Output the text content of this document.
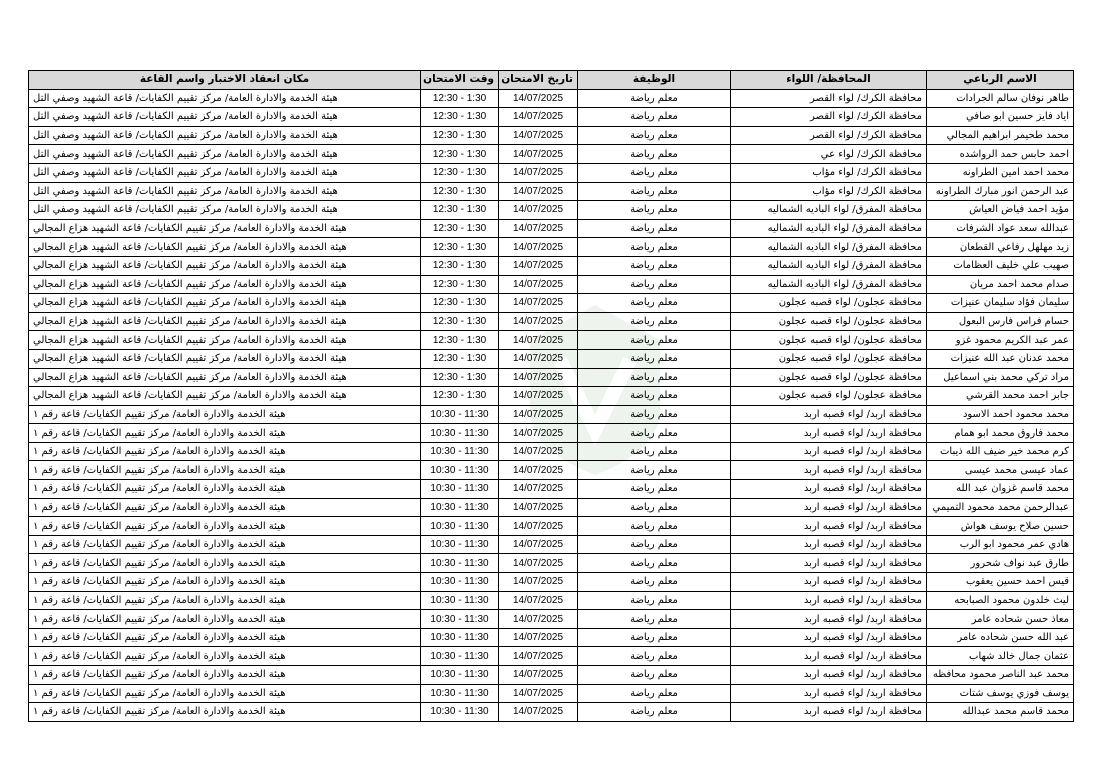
الاسم الرباعي	المحافظة/ اللواء	الوظيفة	تاريخ الامتحان	وقت الامتحان	مكان انعقاد الاختبار واسم القاعة
طاهر نوفان سالم الجرادات	محافظة الكرك/ لواء القصر	معلم رياضة	14/07/2025	12:30 - 1:30	هيئة الخدمة والادارة العامة/ مركز تقييم الكفايات/ قاعة الشهيد وصفي التل
اياد فايز حسين ابو صافي	محافظة الكرك/ لواء القصر	معلم رياضة	14/07/2025	12:30 - 1:30	هيئة الخدمة والادارة العامة/ مركز تقييم الكفايات/ قاعة الشهيد وصفي التل
محمد طحيمر ابراهيم المجالي	محافظة الكرك/ لواء القصر	معلم رياضة	14/07/2025	12:30 - 1:30	هيئة الخدمة والادارة العامة/ مركز تقييم الكفايات/ قاعة الشهيد وصفي التل
احمد حابس حمد الرواشده	محافظة الكرك/ لواء عي	معلم رياضة	14/07/2025	12:30 - 1:30	هيئة الخدمة والادارة العامة/ مركز تقييم الكفايات/ قاعة الشهيد وصفي التل
محمد احمد امين الطراونه	محافظة الكرك/ لواء مؤاب	معلم رياضة	14/07/2025	12:30 - 1:30	هيئة الخدمة والادارة العامة/ مركز تقييم الكفايات/ قاعة الشهيد وصفي التل
عبد الرحمن انور مبارك الطراونه	محافظة الكرك/ لواء مؤاب	معلم رياضة	14/07/2025	12:30 - 1:30	هيئة الخدمة والادارة العامة/ مركز تقييم الكفايات/ قاعة الشهيد وصفي التل
مؤيد احمد فياض العياش	محافظة المفرق/ لواء الباديه الشماليه	معلم رياضة	14/07/2025	12:30 - 1:30	هيئة الخدمة والادارة العامة/ مركز تقييم الكفايات/ قاعة الشهيد وصفي التل
عبدالله سعد عواد الشرفات	محافظة المفرق/ لواء الباديه الشماليه	معلم رياضة	14/07/2025	12:30 - 1:30	هيئة الخدمة والادارة العامة/ مركز تقييم الكفايات/ قاعة الشهيد هزاع المجالي
زيد مهلهل رفاعي القطعان	محافظة المفرق/ لواء الباديه الشماليه	معلم رياضة	14/07/2025	12:30 - 1:30	هيئة الخدمة والادارة العامة/ مركز تقييم الكفايات/ قاعة الشهيد هزاع المجالي
صهيب علي خليف العظامات	محافظة المفرق/ لواء الباديه الشماليه	معلم رياضة	14/07/2025	12:30 - 1:30	هيئة الخدمة والادارة العامة/ مركز تقييم الكفايات/ قاعة الشهيد هزاع المجالي
صدام محمد احمد مريان	محافظة المفرق/ لواء الباديه الشماليه	معلم رياضة	14/07/2025	12:30 - 1:30	هيئة الخدمة والادارة العامة/ مركز تقييم الكفايات/ قاعة الشهيد هزاع المجالي
سليمان فؤاد سليمان عنيزات	محافظة عجلون/ لواء قصبه عجلون	معلم رياضة	14/07/2025	12:30 - 1:30	هيئة الخدمة والادارة العامة/ مركز تقييم الكفايات/ قاعة الشهيد هزاع المجالي
حسام فراس فارس البعول	محافظة عجلون/ لواء قصبه عجلون	معلم رياضة	14/07/2025	12:30 - 1:30	هيئة الخدمة والادارة العامة/ مركز تقييم الكفايات/ قاعة الشهيد هزاع المجالي
عمر عبد الكريم محمود غزو	محافظة عجلون/ لواء قصبه عجلون	معلم رياضة	14/07/2025	12:30 - 1:30	هيئة الخدمة والادارة العامة/ مركز تقييم الكفايات/ قاعة الشهيد هزاع المجالي
محمد عدنان عبد الله عنيزات	محافظة عجلون/ لواء قصبه عجلون	معلم رياضة	14/07/2025	12:30 - 1:30	هيئة الخدمة والادارة العامة/ مركز تقييم الكفايات/ قاعة الشهيد هزاع المجالي
مراد تركي محمد بني اسماعيل	محافظة عجلون/ لواء قصبه عجلون	معلم رياضة	14/07/2025	12:30 - 1:30	هيئة الخدمة والادارة العامة/ مركز تقييم الكفايات/ قاعة الشهيد هزاع المجالي
جابر احمد محمد القرشي	محافظة عجلون/ لواء قصبه عجلون	معلم رياضة	14/07/2025	12:30 - 1:30	هيئة الخدمة والادارة العامة/ مركز تقييم الكفايات/ قاعة الشهيد هزاع المجالي
محمد محمود احمد الاسود	محافظة اربد/ لواء قصبه اربد	معلم رياضة	14/07/2025	10:30 - 11:30	هيئة الخدمة والادارة العامة/ مركز تقييم الكفايات/ قاعة رقم ١
محمد فاروق محمد ابو همام	محافظة اربد/ لواء قصبه اربد	معلم رياضة	14/07/2025	10:30 - 11:30	هيئة الخدمة والادارة العامة/ مركز تقييم الكفايات/ قاعة رقم ١
كرم محمد خير ضيف الله ذيبات	محافظة اربد/ لواء قصبه اربد	معلم رياضة	14/07/2025	10:30 - 11:30	هيئة الخدمة والادارة العامة/ مركز تقييم الكفايات/ قاعة رقم ١
عماد عيسى محمد عيسى	محافظة اربد/ لواء قصبه اربد	معلم رياضة	14/07/2025	10:30 - 11:30	هيئة الخدمة والادارة العامة/ مركز تقييم الكفايات/ قاعة رقم ١
محمد قاسم غزوان عبد الله	محافظة اربد/ لواء قصبه اربد	معلم رياضة	14/07/2025	10:30 - 11:30	هيئة الخدمة والادارة العامة/ مركز تقييم الكفايات/ قاعة رقم ١
عبدالرحمن محمد محمود التميمي	محافظة اربد/ لواء قصبه اربد	معلم رياضة	14/07/2025	10:30 - 11:30	هيئة الخدمة والادارة العامة/ مركز تقييم الكفايات/ قاعة رقم ١
حسين صلاح يوسف هواش	محافظة اربد/ لواء قصبه اربد	معلم رياضة	14/07/2025	10:30 - 11:30	هيئة الخدمة والادارة العامة/ مركز تقييم الكفايات/ قاعة رقم ١
هادي عمر محمود ابو الرب	محافظة اربد/ لواء قصبه اربد	معلم رياضة	14/07/2025	10:30 - 11:30	هيئة الخدمة والادارة العامة/ مركز تقييم الكفايات/ قاعة رقم ١
طارق عبد نواف شحرور	محافظة اربد/ لواء قصبه اربد	معلم رياضة	14/07/2025	10:30 - 11:30	هيئة الخدمة والادارة العامة/ مركز تقييم الكفايات/ قاعة رقم ١
قيس احمد حسين يعقوب	محافظة اربد/ لواء قصبه اربد	معلم رياضة	14/07/2025	10:30 - 11:30	هيئة الخدمة والادارة العامة/ مركز تقييم الكفايات/ قاعة رقم ١
ليث خلدون محمود الصبابحه	محافظة اربد/ لواء قصبه اربد	معلم رياضة	14/07/2025	10:30 - 11:30	هيئة الخدمة والادارة العامة/ مركز تقييم الكفايات/ قاعة رقم ١
معاذ حسن شحاده عامر	محافظة اربد/ لواء قصبه اربد	معلم رياضة	14/07/2025	10:30 - 11:30	هيئة الخدمة والادارة العامة/ مركز تقييم الكفايات/ قاعة رقم ١
عبد الله حسن شحاده عامر	محافظة اربد/ لواء قصبه اربد	معلم رياضة	14/07/2025	10:30 - 11:30	هيئة الخدمة والادارة العامة/ مركز تقييم الكفايات/ قاعة رقم ١
عثمان جمال خالد شهاب	محافظة اربد/ لواء قصبه اربد	معلم رياضة	14/07/2025	10:30 - 11:30	هيئة الخدمة والادارة العامة/ مركز تقييم الكفايات/ قاعة رقم ١
محمد عبد الناصر محمود محافظه	محافظة اربد/ لواء قصبه اربد	معلم رياضة	14/07/2025	10:30 - 11:30	هيئة الخدمة والادارة العامة/ مركز تقييم الكفايات/ قاعة رقم ١
يوسف فوزي يوسف شتات	محافظة اربد/ لواء قصبه اربد	معلم رياضة	14/07/2025	10:30 - 11:30	هيئة الخدمة والادارة العامة/ مركز تقييم الكفايات/ قاعة رقم ١
محمد قاسم محمد عبدالله	محافظة اربد/ لواء قصبه اربد	معلم رياضة	14/07/2025	10:30 - 11:30	هيئة الخدمة والادارة العامة/ مركز تقييم الكفايات/ قاعة رقم ١
